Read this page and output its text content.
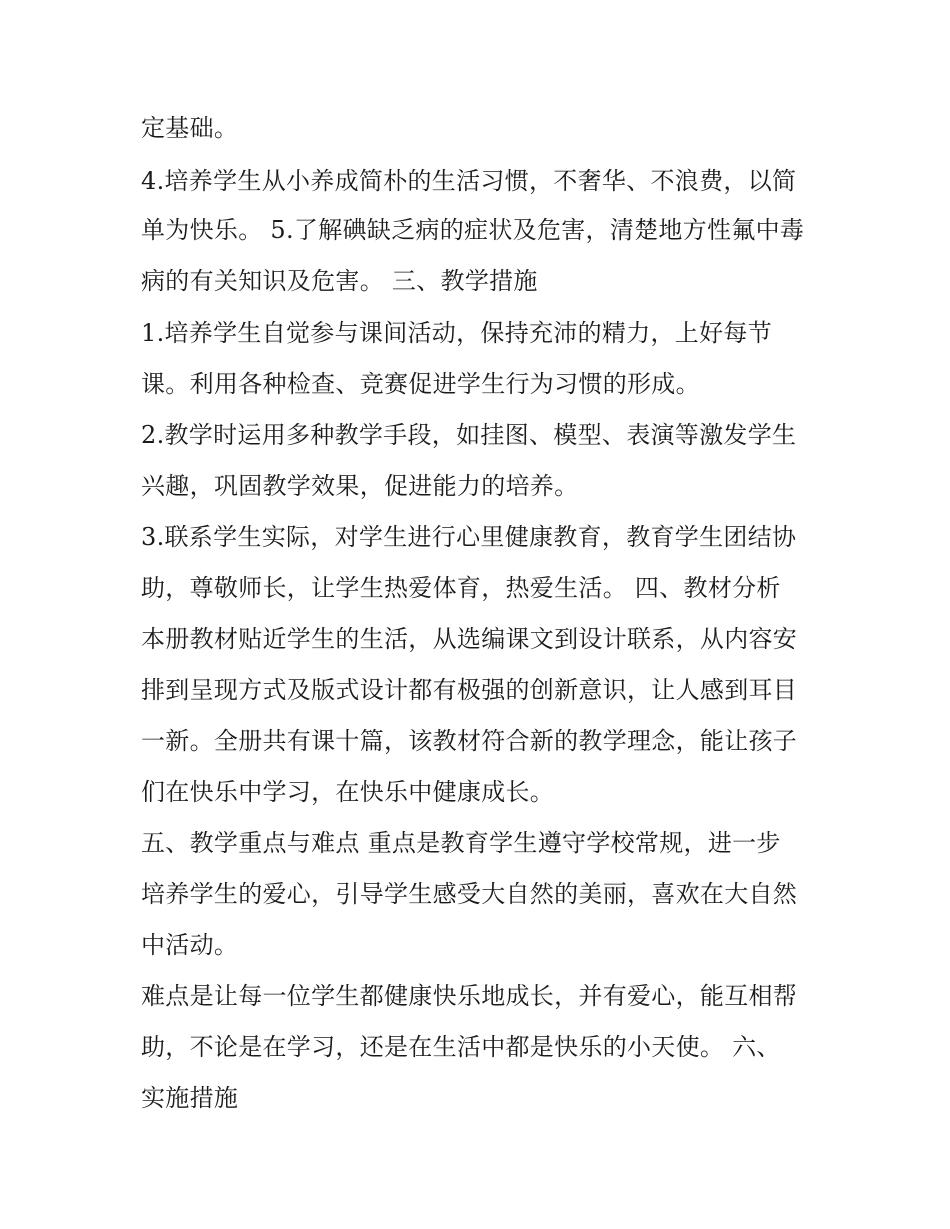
定基础。

4.培养学生从小养成简朴的生活习惯，不奢华、不浪费，以简

单为快乐。 5.了解碘缺乏病的症状及危害，清楚地方性氟中毒

病的有关知识及危害。 三、教学措施

1.培养学生自觉参与课间活动，保持充沛的精力，上好每节

课。利用各种检查、竞赛促进学生行为习惯的形成。

2.教学时运用多种教学手段，如挂图、模型、表演等激发学生

兴趣，巩固教学效果，促进能力的培养。

3.联系学生实际，对学生进行心里健康教育，教育学生团结协

助，尊敬师长，让学生热爱体育，热爱生活。 四、教材分析

本册教材贴近学生的生活，从选编课文到设计联系，从内容安

排到呈现方式及版式设计都有极强的创新意识，让人感到耳目

一新。全册共有课十篇，该教材符合新的教学理念，能让孩子

们在快乐中学习，在快乐中健康成长。

五、教学重点与难点 重点是教育学生遵守学校常规，进一步

培养学生的爱心，引导学生感受大自然的美丽，喜欢在大自然

中活动。

难点是让每一位学生都健康快乐地成长，并有爱心，能互相帮

助，不论是在学习，还是在生活中都是快乐的小天使。 六、

实施措施
